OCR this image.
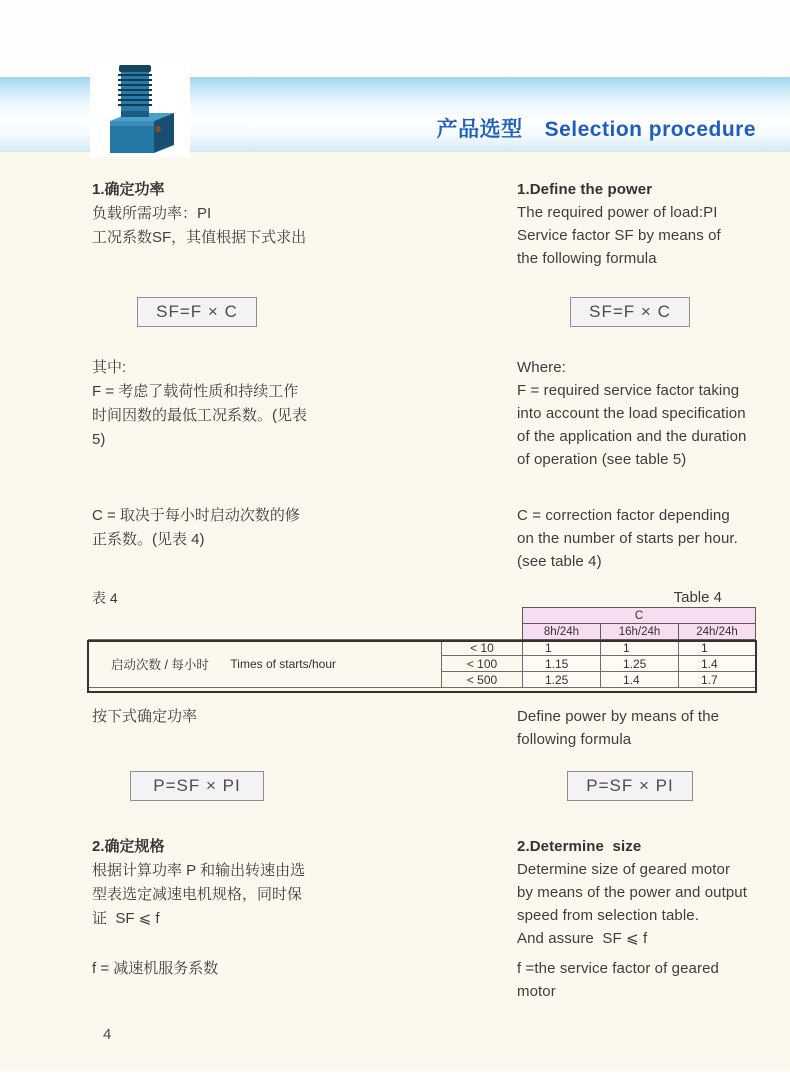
产品选型 Selection procedure

1.确定功率
负载所需功率：PI
工况系数SF，其值根据下式求出
1.Define the power
The required power of load:PI
Service factor SF by means of
the following formula
SF=F × C	SF=F × C
其中:
F = 考虑了载荷性质和持续工作
时间因数的最低工况系数。(见表
5)
Where:
F = required service factor taking
into account the load specification
of the application and the duration
of operation (see table 5)
C = 取决于每小时启动次数的修
正系数。(见表 4)
C = correction factor depending
on the number of starts per hour.
(see table 4)
表 4	Table 4
		C		
		8h/24h	16h/24h	24h/24h

启动次数 / 每小时 Times of starts/hour	< 10	1	1	1
	< 100	1.15	1.25	1.4
	< 500	1.25	1.4	1.7
按下式确定功率	Define power by means of the
following formula
P=SF × PI	P=SF × PI
2.确定规格
根据计算功率 P 和输出转速由选
型表选定减速电机规格，同时保
证  SF ⩽ f
2.Determine  size
Determine size of geared motor
by means of the power and output
speed from selection table.
And assure  SF ⩽ f
f = 减速机服务系数	f =the service factor of geared
motor
4
